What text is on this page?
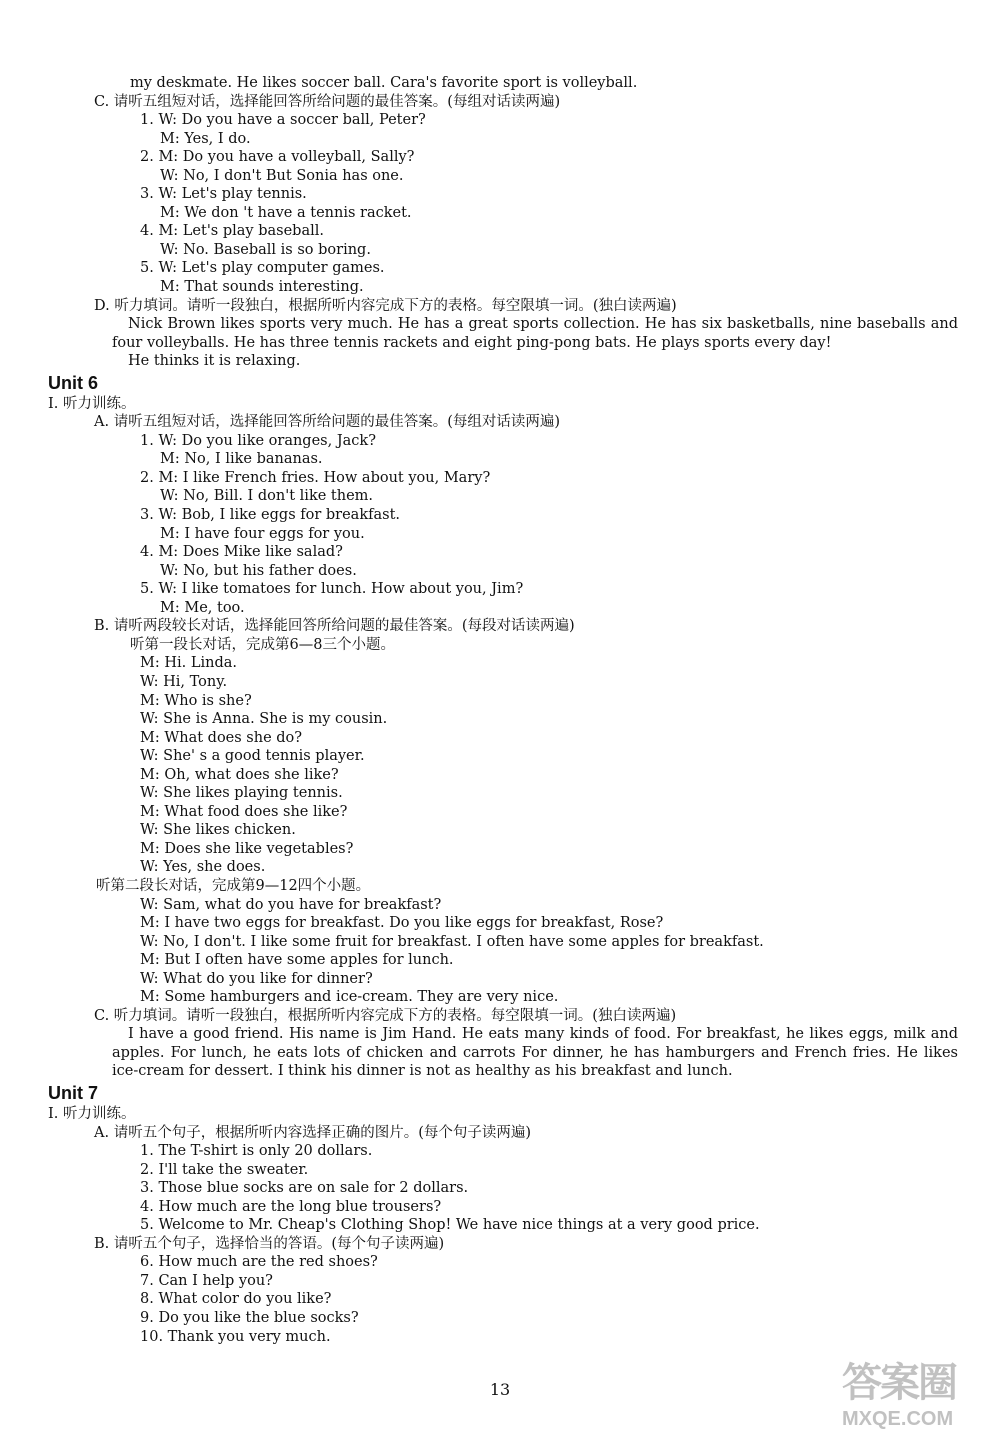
my deskmate. He likes soccer ball. Cara's favorite sport is volleyball.

C. 请听五组短对话，选择能回答所给问题的最佳答案。(每组对话读两遍)

1. W: Do you have a soccer ball, Peter?

M: Yes, I do.

2. M: Do you have a volleyball, Sally?

W: No, I don't But Sonia has one.

3. W: Let's play tennis.

M: We don 't have a tennis racket.

4. M: Let's play baseball.

W: No. Baseball is so boring.

5. W: Let's play computer games.

M: That sounds interesting.

D. 听力填词。请听一段独白，根据所听内容完成下方的表格。每空限填一词。(独白读两遍)

Nick Brown likes sports very much. He has a great sports collection. He has six basketballs, nine baseballs and four volleyballs. He has three tennis rackets and eight ping-pong bats. He plays sports every day!

He thinks it is relaxing.

Unit 6

Ⅰ. 听力训练。

A. 请听五组短对话，选择能回答所给问题的最佳答案。(每组对话读两遍)

1. W: Do you like oranges, Jack?

M: No, I like bananas.

2. M: I like French fries. How about you, Mary?

W: No, Bill. I don't like them.

3. W: Bob, I like eggs for breakfast.

M: I have four eggs for you.

4. M: Does Mike like salad?

W: No, but his father does.

5. W: I like tomatoes for lunch. How about you, Jim?

M: Me, too.

B. 请听两段较长对话，选择能回答所给问题的最佳答案。(每段对话读两遍)

听第一段长对话，完成第6—8三个小题。

M: Hi. Linda.

W: Hi, Tony.

M: Who is she?

W: She is Anna. She is my cousin.

M: What does she do?

W: She' s a good tennis player.

M: Oh, what does she like?

W: She likes playing tennis.

M: What food does she like?

W: She likes chicken.

M: Does she like vegetables?

W: Yes, she does.

听第二段长对话，完成第9—12四个小题。

W: Sam, what do you have for breakfast?

M: I have two eggs for breakfast. Do you like eggs for breakfast, Rose?

W: No, I don't. I like some fruit for breakfast. I often have some apples for breakfast.

M: But I often have some apples for lunch.

W: What do you like for dinner?

M: Some hamburgers and ice-cream. They are very nice.

C. 听力填词。请听一段独白，根据所听内容完成下方的表格。每空限填一词。(独白读两遍)

I have a good friend. His name is Jim Hand. He eats many kinds of food. For breakfast, he likes eggs, milk and apples. For lunch, he eats lots of chicken and carrots For dinner, he has hamburgers and French fries. He likes ice-cream for dessert. I think his dinner is not as healthy as his breakfast and lunch.

Unit 7

Ⅰ. 听力训练。

A. 请听五个句子，根据所听内容选择正确的图片。(每个句子读两遍)

1. The T-shirt is only 20 dollars.

2. I'll take the sweater.

3. Those blue socks are on sale for 2 dollars.

4. How much are the long blue trousers?

5. Welcome to Mr. Cheap's Clothing Shop! We have nice things at a very good price.

B. 请听五个句子，选择恰当的答语。(每个句子读两遍)

6. How much are the red shoes?

7. Can I help you?

8. What color do you like?

9. Do you like the blue socks?

10. Thank you very much.

13	答案圈
MXQE.COM
